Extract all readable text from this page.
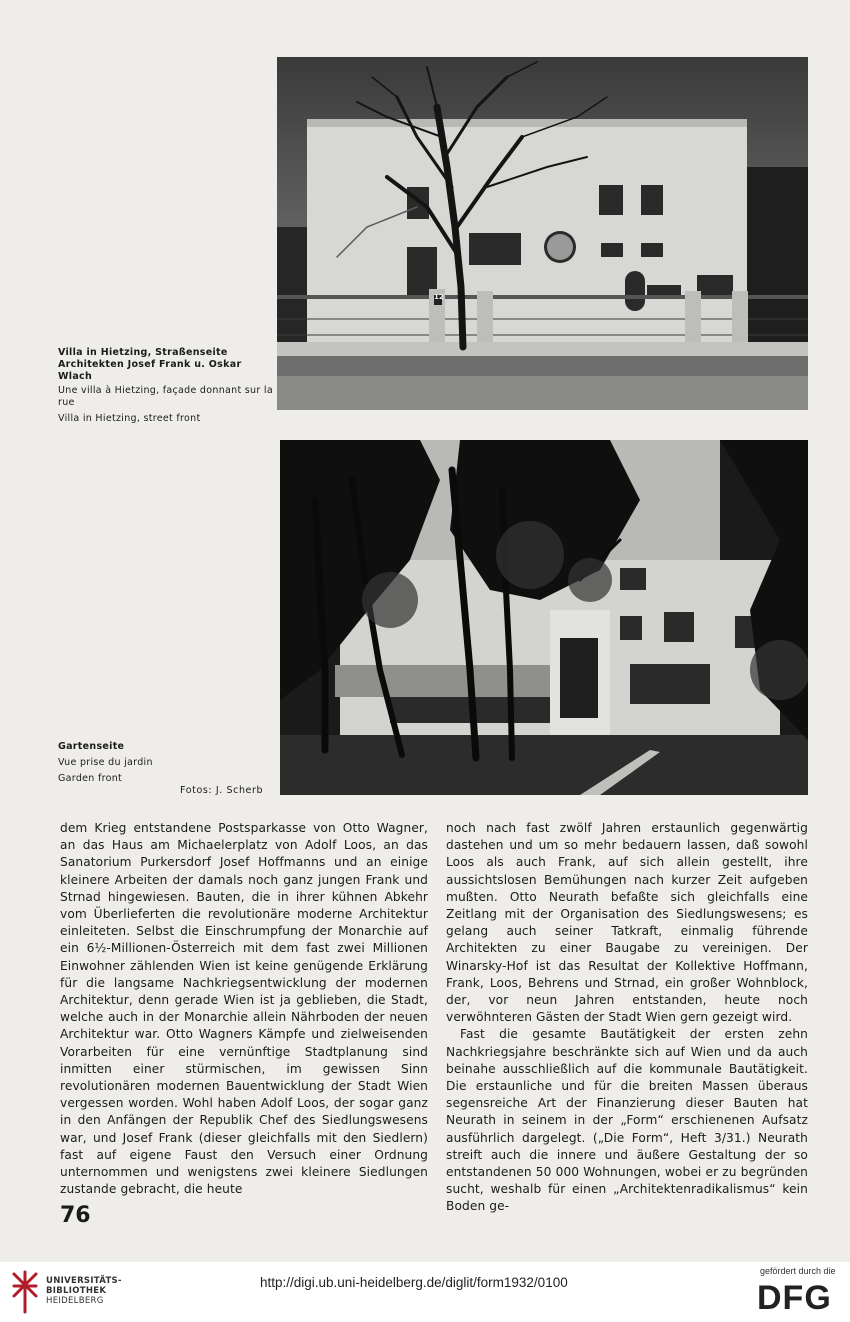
Villa in Hietzing, Straßenseite
Architekten Josef Frank u. Oskar Wlach
Une villa à Hietzing, façade donnant sur la rue
Villa in Hietzing, street front
12
Gartenseite
Vue prise du jardin
Garden front
Fotos: J. Scherb

dem Krieg entstandene Postsparkasse von Otto Wagner, an das Haus am Michaelerplatz von Adolf Loos, an das Sanatorium Purkersdorf Josef Hoffmanns und an einige kleinere Arbeiten der damals noch ganz jungen Frank und Strnad hingewiesen. Bauten, die in ihrer kühnen Abkehr vom Überlieferten die revolutionäre moderne Architektur einleiteten. Selbst die Einschrumpfung der Monarchie auf ein 6½-Millionen-Österreich mit dem fast zwei Millionen Einwohner zählenden Wien ist keine genügende Erklärung für die langsame Nachkriegsentwicklung der modernen Architektur, denn gerade Wien ist ja geblieben, die Stadt, welche auch in der Monarchie allein Nährboden der neuen Architektur war. Otto Wagners Kämpfe und zielweisenden Vorarbeiten für eine vernünftige Stadtplanung sind inmitten einer stürmischen, im gewissen Sinn revolutionären modernen Bauentwicklung der Stadt Wien vergessen worden. Wohl haben Adolf Loos, der sogar ganz in den Anfängen der Republik Chef des Siedlungswesens war, und Josef Frank (dieser gleichfalls mit den Siedlern) fast auf eigene Faust den Versuch einer Ordnung unternommen und wenigstens zwei kleinere Siedlungen zustande gebracht, die heute

noch nach fast zwölf Jahren erstaunlich gegenwärtig dastehen und um so mehr bedauern lassen, daß sowohl Loos als auch Frank, auf sich allein gestellt, ihre aussichtslosen Bemühungen nach kurzer Zeit aufgeben mußten. Otto Neurath befaßte sich gleichfalls eine Zeitlang mit der Organisation des Siedlungswesens; es gelang auch seiner Tatkraft, einmalig führende Architekten zu einer Baugabe zu vereinigen. Der Winarsky-Hof ist das Resultat der Kollektive Hoffmann, Frank, Loos, Behrens und Strnad, ein großer Wohnblock, der, vor neun Jahren entstanden, heute noch verwöhnteren Gästen der Stadt Wien gern gezeigt wird.

Fast die gesamte Bautätigkeit der ersten zehn Nachkriegsjahre beschränkte sich auf Wien und da auch beinahe ausschließlich auf die kommunale Bautätigkeit. Die erstaunliche und für die breiten Massen überaus segensreiche Art der Finanzierung dieser Bauten hat Neurath in seinem in der „Form“ erschienenen Aufsatz ausführlich dargelegt. („Die Form“, Heft 3/31.) Neurath streift auch die innere und äußere Gestaltung der so entstandenen 50 000 Wohnungen, wobei er zu begründen sucht, weshalb für einen „Architektenradikalismus“ kein Boden ge-

76
UNIVERSITÄTS-
BIBLIOTHEK
HEIDELBERG
http://digi.ub.uni-heidelberg.de/diglit/form1932/0100
gefördert durch die
DFG
